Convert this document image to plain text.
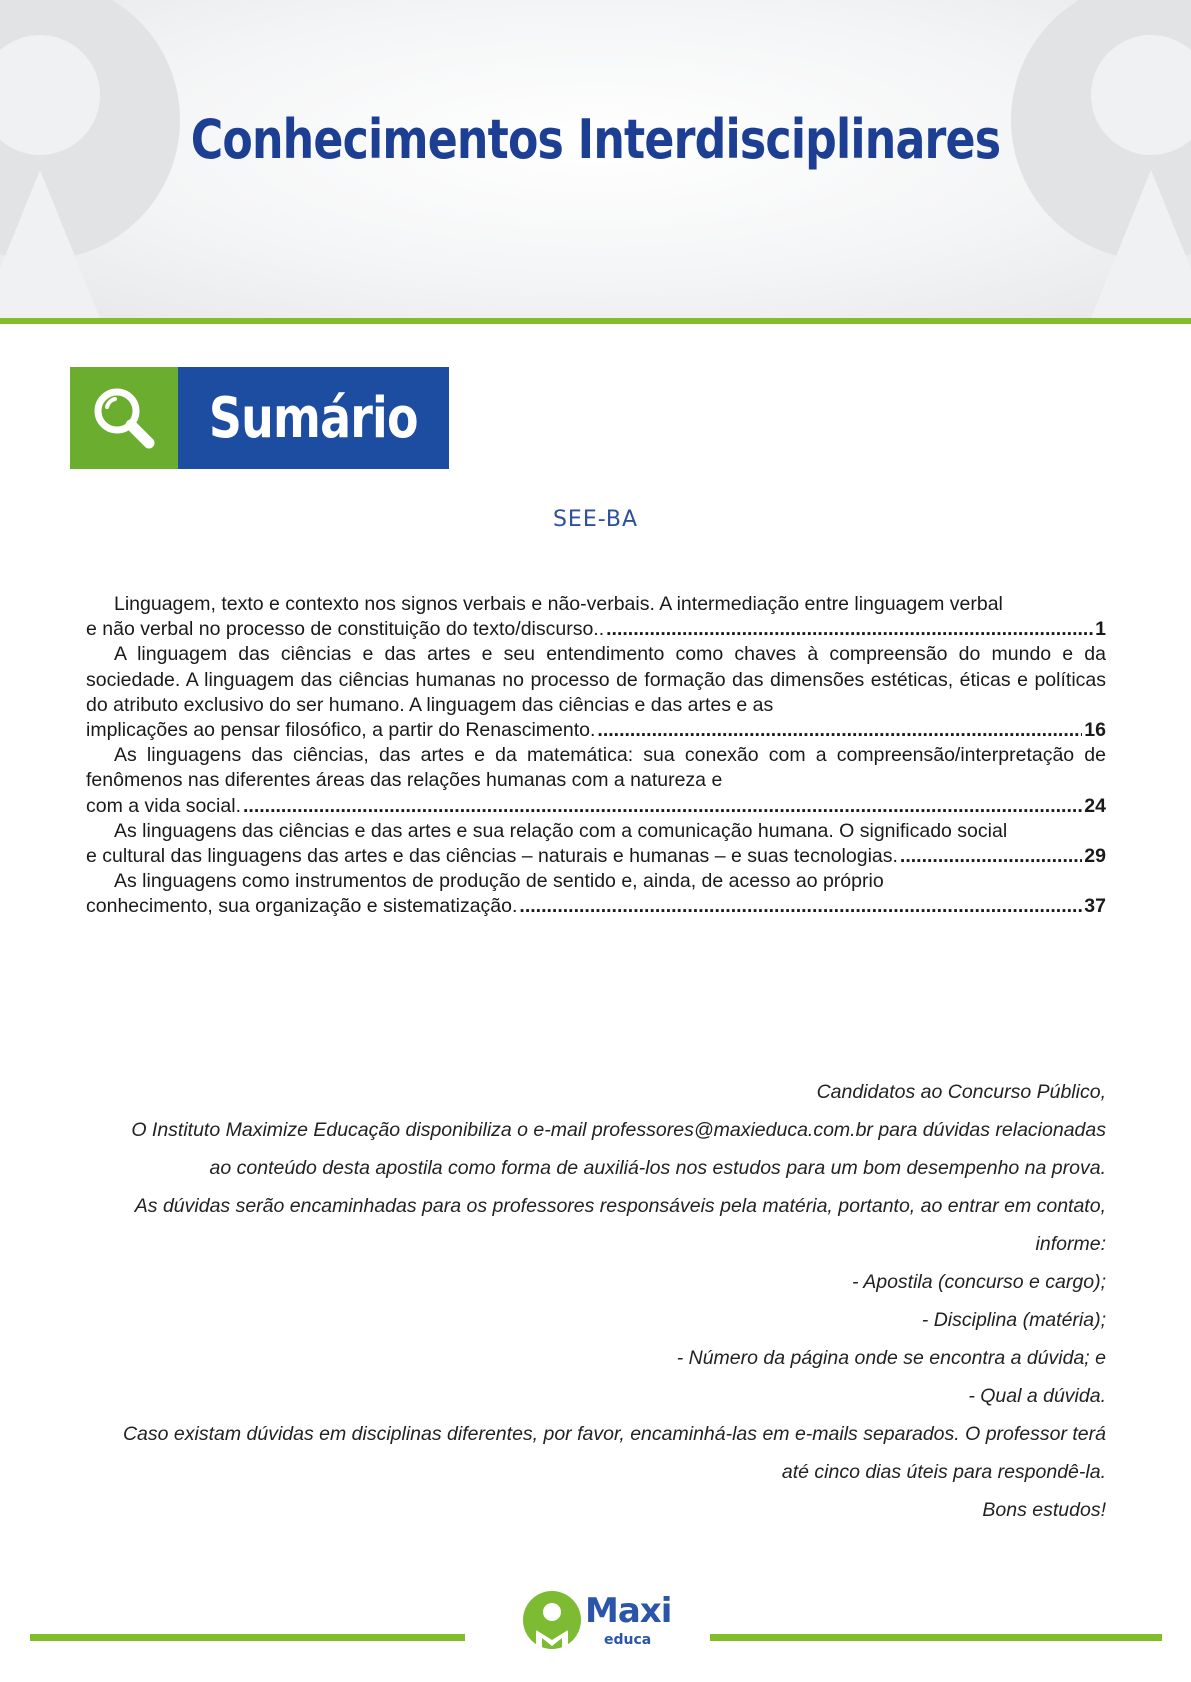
Conhecimentos Interdisciplinares
Sumário
SEE-BA
Linguagem, texto e contexto nos signos verbais e não-verbais. A intermediação entre linguagem verbal
e não verbal no processo de constituição do texto/discurso.. .....	1
A linguagem das ciências e das artes e seu entendimento como chaves à compreensão do mundo e da sociedade. A linguagem das ciências humanas no processo de formação das dimensões estéticas, éticas e políticas do atributo exclusivo do ser humano. A linguagem das ciências e das artes e as
implicações ao pensar filosófico, a partir do Renascimento. .....	16
As linguagens das ciências, das artes e da matemática: sua conexão com a compreensão/interpretação de fenômenos nas diferentes áreas das relações humanas com a natureza e
com a vida social. .....	24
As linguagens das ciências e das artes e sua relação com a comunicação humana. O significado social
e cultural das linguagens das artes e das ciências – naturais e humanas – e suas tecnologias. .....	29
As linguagens como instrumentos de produção de sentido e, ainda, de acesso ao próprio
conhecimento, sua organização e sistematização. .....	37

Candidatos ao Concurso Público,

O Instituto Maximize Educação disponibiliza o e-mail professores@maxieduca.com.br para dúvidas relacionadas ao conteúdo desta apostila como forma de auxiliá-los nos estudos para um bom desempenho na prova.

As dúvidas serão encaminhadas para os professores responsáveis pela matéria, portanto, ao entrar em contato, informe:

- Apostila (concurso e cargo);

- Disciplina (matéria);

- Número da página onde se encontra a dúvida; e

- Qual a dúvida.

Caso existam dúvidas em disciplinas diferentes, por favor, encaminhá-las em e-mails separados. O professor terá até cinco dias úteis para respondê-la.

Bons estudos!

Maxi
educa
